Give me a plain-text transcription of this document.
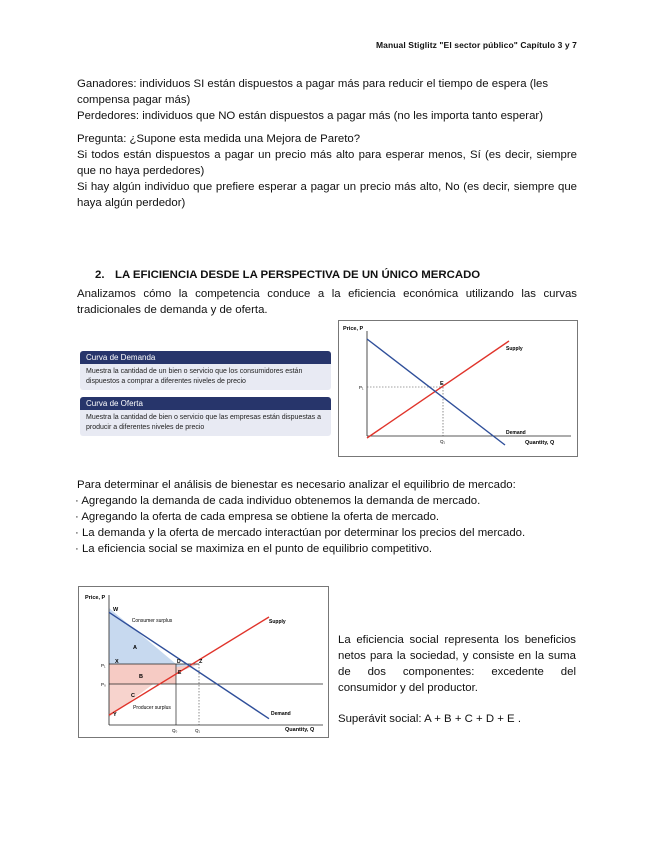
Manual Stiglitz "El sector público" Capítulo 3 y 7
Ganadores: individuos SI están dispuestos a pagar más para reducir el tiempo de espera (les compensa pagar más)
Perdedores: individuos que NO están dispuestos a pagar más (no les importa tanto esperar)
Pregunta: ¿Supone esta medida una Mejora de Pareto?
Si todos están dispuestos a pagar un precio más alto para esperar menos, Sí (es decir, siempre que no haya perdedores)
Si hay algún individuo que prefiere esperar a pagar un precio más alto, No (es decir, siempre que haya algún perdedor)
2. LA EFICIENCIA DESDE LA PERSPECTIVA DE UN ÚNICO MERCADO
Analizamos cómo la competencia conduce a la eficiencia económica utilizando las curvas tradicionales de demanda y de oferta.
Curva de Demanda
Muestra la cantidad de un bien o servicio que los consumidores están dispuestos a comprar a diferentes niveles de precio
Curva de Oferta
Muestra la cantidad de bien o servicio que las empresas están dispuestas a producir a diferentes niveles de precio
Price, P
Quantity, Q
Supply
Demand
E
P₁
Q₁
Para determinar el análisis de bienestar es necesario analizar el equilibrio de mercado:
· Agregando la demanda de cada individuo obtenemos la demanda de mercado.
· Agregando la oferta de cada empresa se obtiene la oferta de mercado.
· La demanda y la oferta de mercado interactúan por determinar los precios del mercado.
· La eficiencia social se maximiza en el punto de equilibrio competitivo.
Price, P
Quantity, Q
Supply
Demand
W
X
Y
Z
A
B
C
D
E
P₁
P₀
Q₀	Q₁
Consumer surplus
Producer surplus
La eficiencia social representa los beneficios netos para la sociedad, y consiste en la suma de dos componentes: excedente del consumidor y del productor.
Superávit social: A + B + C + D + E .
